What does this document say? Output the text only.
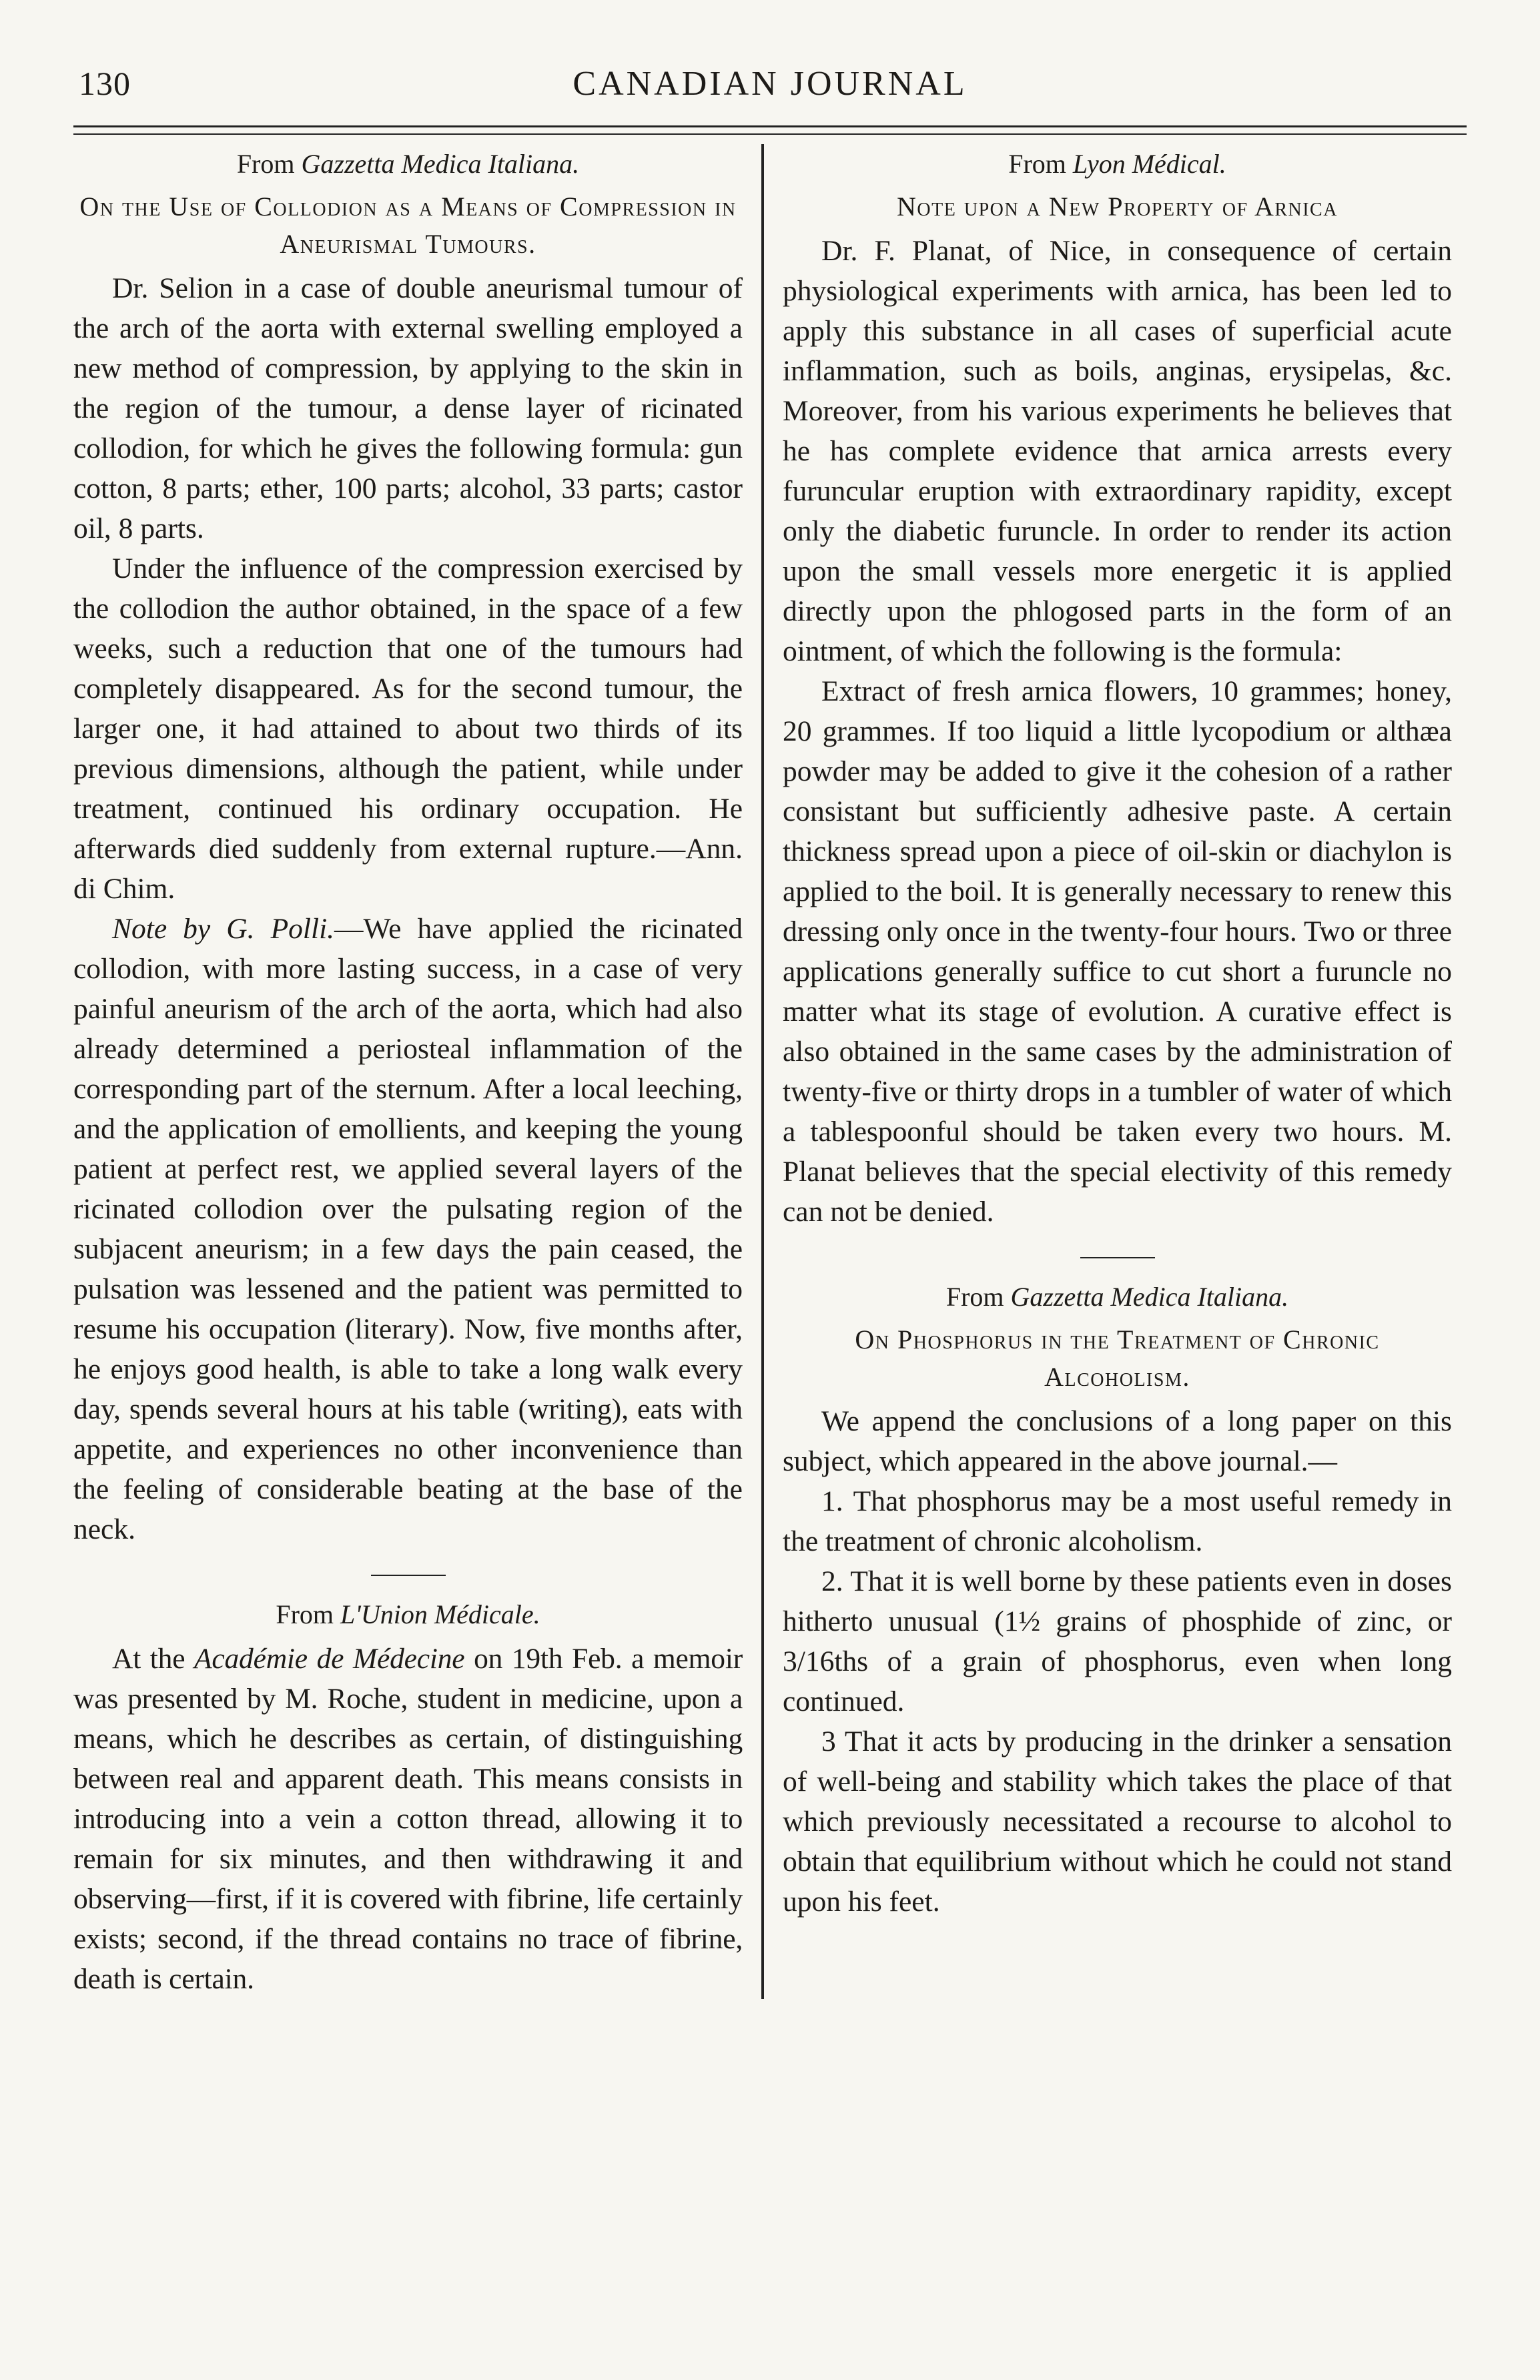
130	CANADIAN JOURNAL
From Gazzetta Medica Italiana.
On the Use of Collodion as a Means of Compression in Aneurismal Tumours.

Dr. Selion in a case of double aneurismal tumour of the arch of the aorta with external swelling employed a new method of compression, by applying to the skin in the region of the tumour, a dense layer of ricinated collodion, for which he gives the following formula: gun cotton, 8 parts; ether, 100 parts; alcohol, 33 parts; castor oil, 8 parts.

Under the influence of the compression exercised by the collodion the author obtained, in the space of a few weeks, such a reduction that one of the tumours had completely disappeared. As for the second tumour, the larger one, it had attained to about two thirds of its previous dimensions, although the patient, while under treatment, continued his ordinary occupation. He afterwards died suddenly from external rupture.—Ann. di Chim.

Note by G. Polli.—We have applied the ricinated collodion, with more lasting success, in a case of very painful aneurism of the arch of the aorta, which had also already determined a periosteal inflammation of the corresponding part of the sternum. After a local leeching, and the application of emollients, and keeping the young patient at perfect rest, we applied several layers of the ricinated collodion over the pulsating region of the subjacent aneurism; in a few days the pain ceased, the pulsation was lessened and the patient was permitted to resume his occupation (literary). Now, five months after, he enjoys good health, is able to take a long walk every day, spends several hours at his table (writing), eats with appetite, and experiences no other inconvenience than the feeling of considerable beating at the base of the neck.

From L'Union Médicale.

At the Académie de Médecine on 19th Feb. a memoir was presented by M. Roche, student in medicine, upon a means, which he describes as certain, of distinguishing between real and apparent death. This means consists in introducing into a vein a cotton thread, allowing it to remain for six minutes, and then withdrawing it and observing—first, if it is covered with fibrine, life certainly exists; second, if the thread contains no trace of fibrine, death is certain.

From Lyon Médical.
Note upon a New Property of Arnica

Dr. F. Planat, of Nice, in consequence of certain physiological experiments with arnica, has been led to apply this substance in all cases of superficial acute inflammation, such as boils, anginas, erysipelas, &c. Moreover, from his various experiments he believes that he has complete evidence that arnica arrests every furuncular eruption with extraordinary rapidity, except only the diabetic furuncle. In order to render its action upon the small vessels more energetic it is applied directly upon the phlogosed parts in the form of an ointment, of which the following is the formula:

Extract of fresh arnica flowers, 10 grammes; honey, 20 grammes. If too liquid a little lycopodium or althæa powder may be added to give it the cohesion of a rather consistant but sufficiently adhesive paste. A certain thickness spread upon a piece of oil-skin or diachylon is applied to the boil. It is generally necessary to renew this dressing only once in the twenty-four hours. Two or three applications generally suffice to cut short a furuncle no matter what its stage of evolution. A curative effect is also obtained in the same cases by the administration of twenty-five or thirty drops in a tumbler of water of which a tablespoonful should be taken every two hours. M. Planat believes that the special electivity of this remedy can not be denied.

From Gazzetta Medica Italiana.
On Phosphorus in the Treatment of Chronic Alcoholism.

We append the conclusions of a long paper on this subject, which appeared in the above journal.—

1. That phosphorus may be a most useful remedy in the treatment of chronic alcoholism.

2. That it is well borne by these patients even in doses hitherto unusual (1½ grains of phosphide of zinc, or 3/16ths of a grain of phosphorus, even when long continued.

3 That it acts by producing in the drinker a sensation of well-being and stability which takes the place of that which previously necessitated a recourse to alcohol to obtain that equilibrium without which he could not stand upon his feet.
